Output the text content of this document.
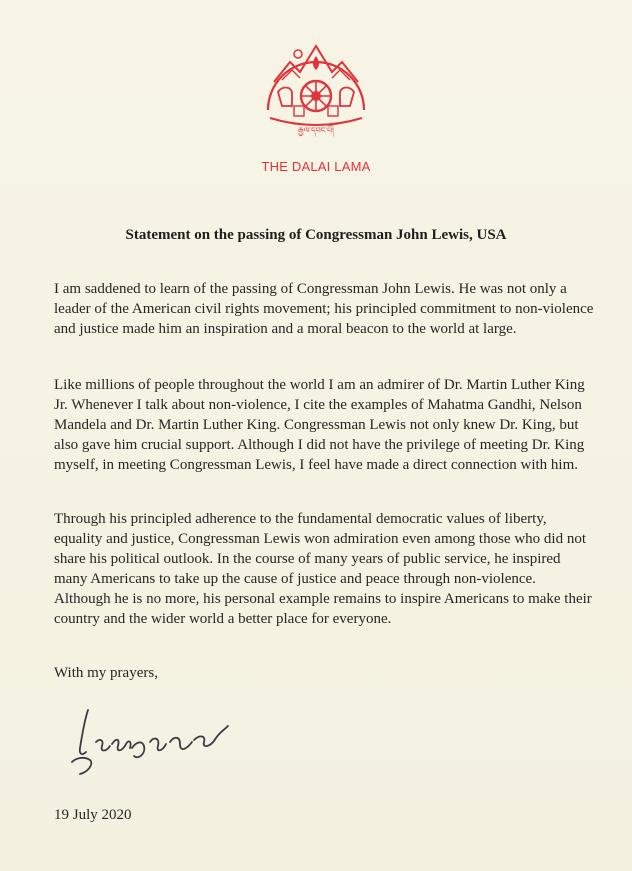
རྒྱལ་དབང་པོ།
THE DALAI LAMA
Statement on the passing of Congressman John Lewis, USA

I am saddened to learn of the passing of Congressman John Lewis. He was not only a leader of the American civil rights movement; his principled commitment to non-violence and justice made him an inspiration and a moral beacon to the world at large.

Like millions of people throughout the world I am an admirer of Dr. Martin Luther King Jr. Whenever I talk about non-violence, I cite the examples of Mahatma Gandhi, Nelson Mandela and Dr. Martin Luther King. Congressman Lewis not only knew Dr. King, but also gave him crucial support. Although I did not have the privilege of meeting Dr. King myself, in meeting Congressman Lewis, I feel have made a direct connection with him.

Through his principled adherence to the fundamental democratic values of liberty, equality and justice, Congressman Lewis won admiration even among those who did not share his political outlook. In the course of many years of public service, he inspired many Americans to take up the cause of justice and peace through non-violence. Although he is no more, his personal example remains to inspire Americans to make their country and the wider world a better place for everyone.

With my prayers,
19 July 2020
